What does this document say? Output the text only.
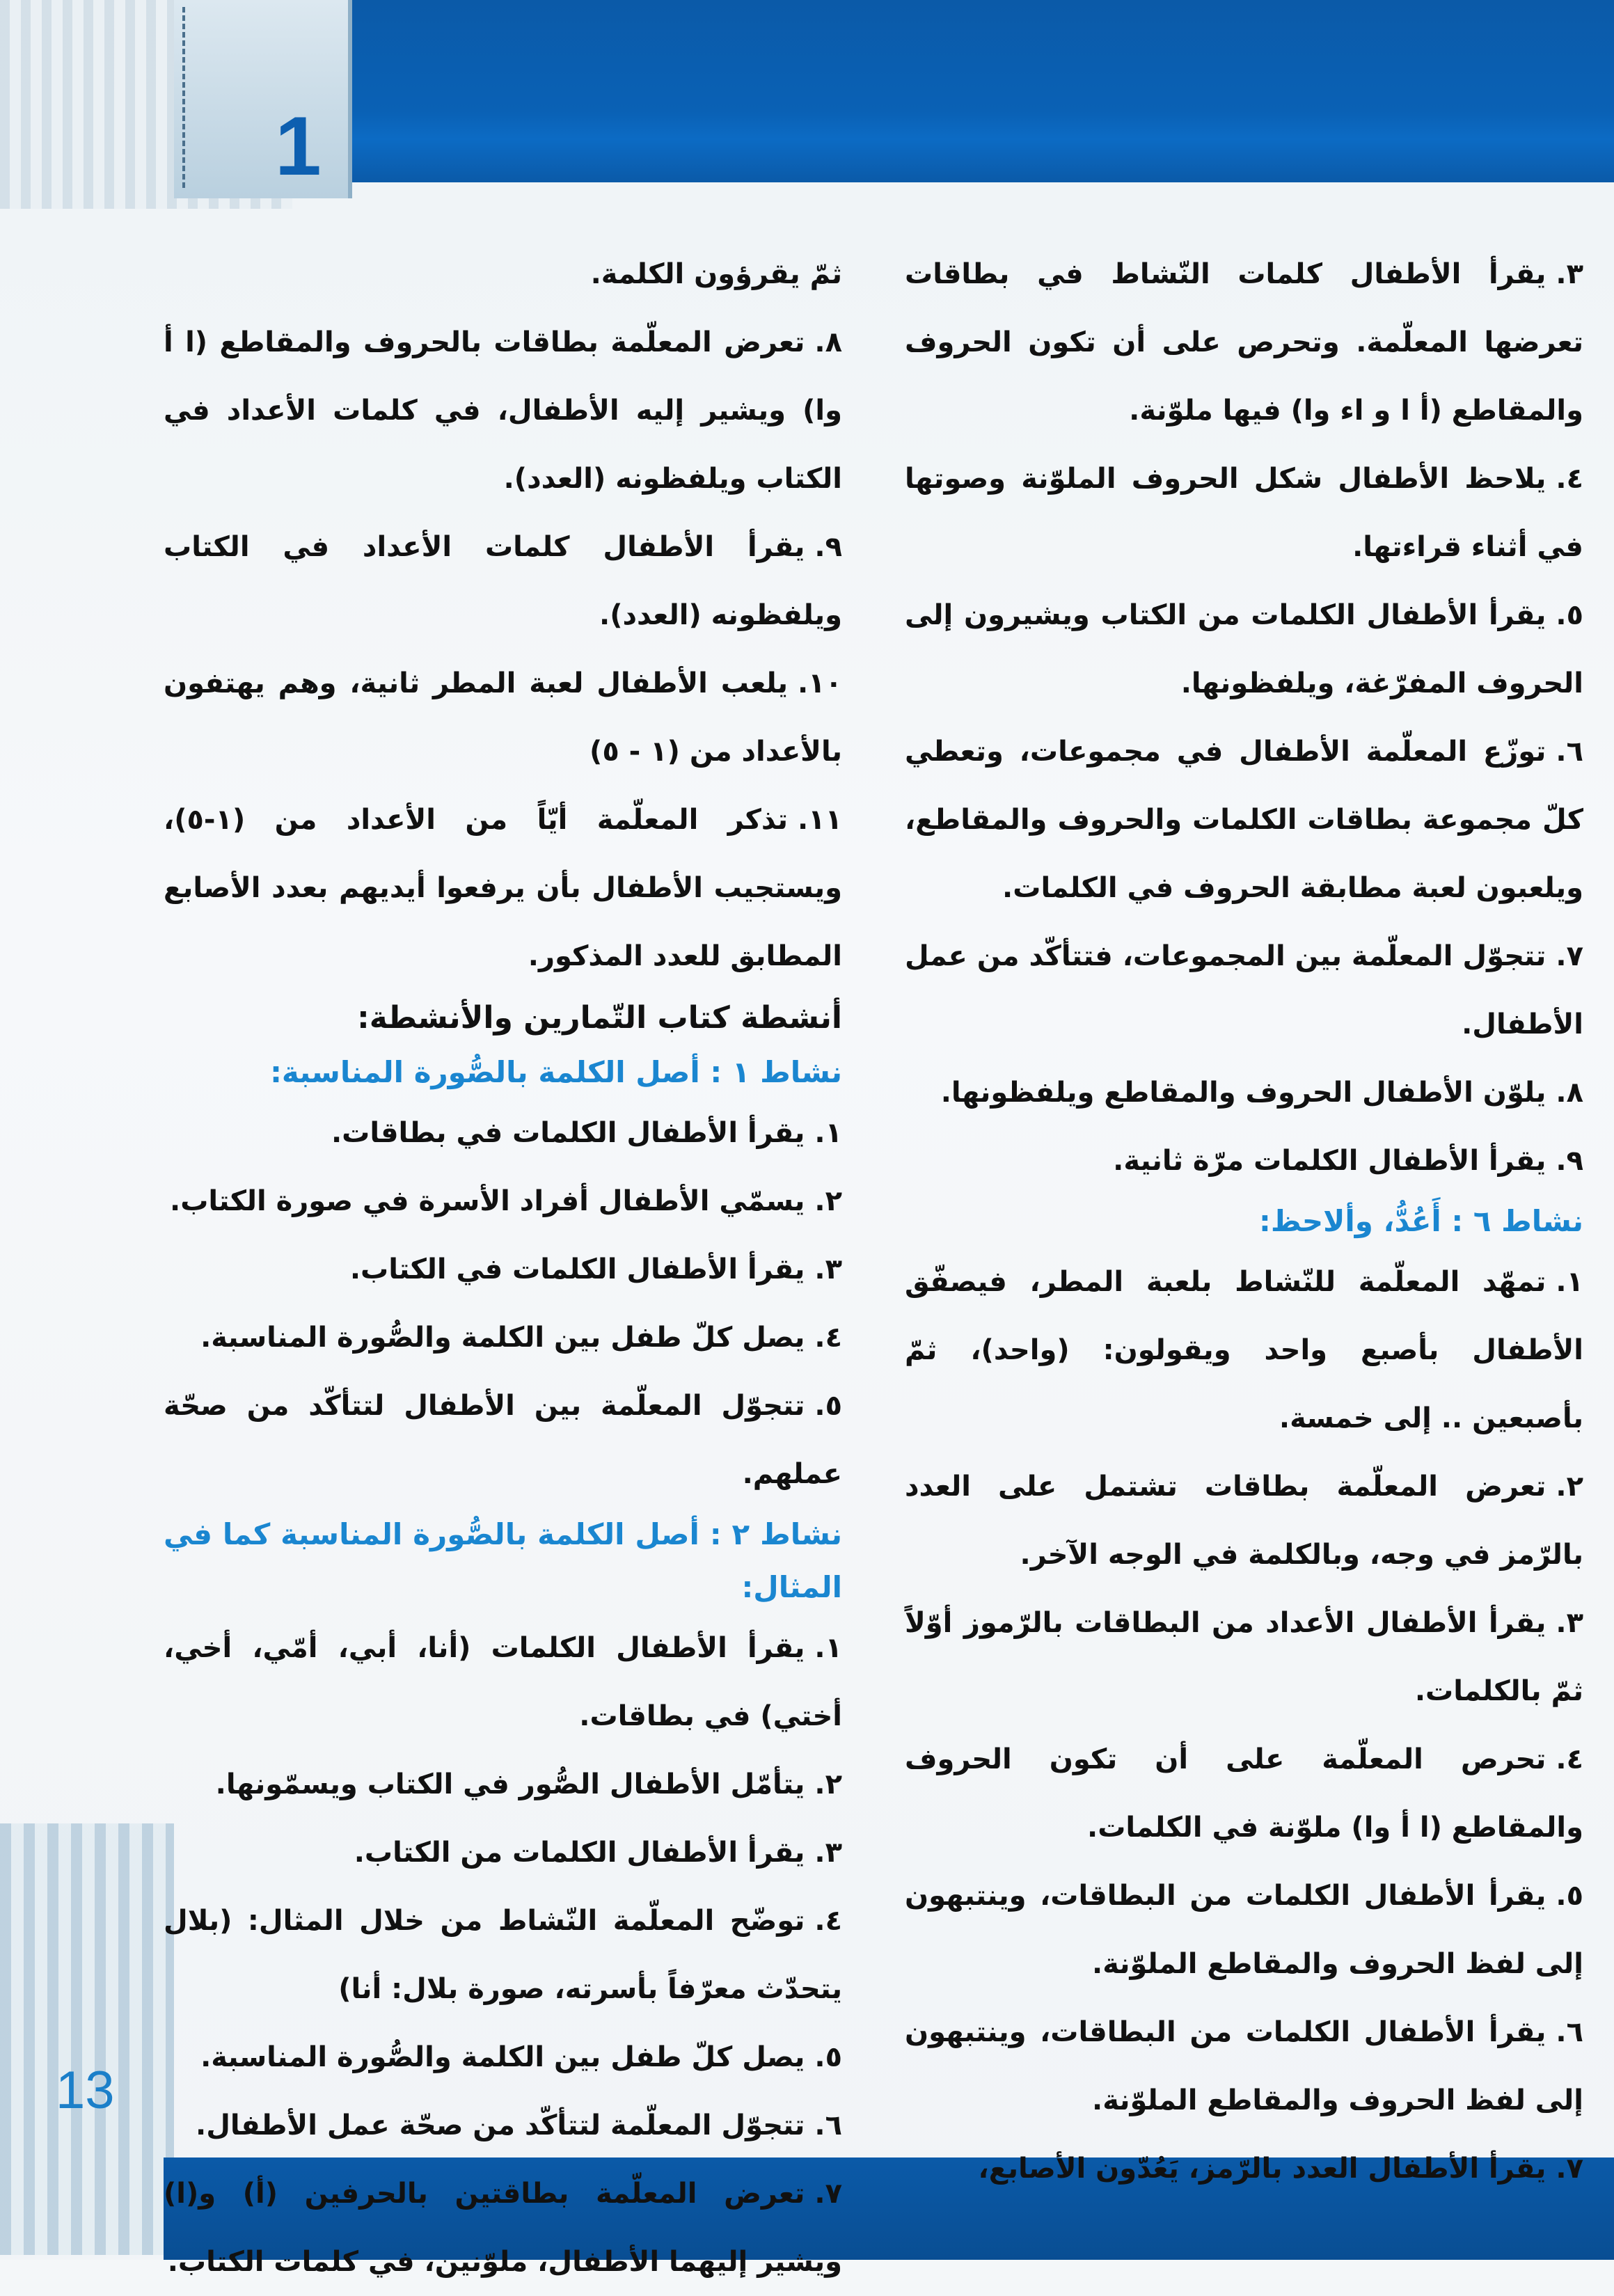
1
13

٣.يقرأ الأطفال كلمات النّشاط في بطاقات تعرضها المعلّمة. وتحرص على أن تكون الحروف والمقاطع (أ ا و اء وا) فيها ملوّنة.

٤.يلاحظ الأطفال شكل الحروف الملوّنة وصوتها في أثناء قراءتها.

٥.يقرأ الأطفال الكلمات من الكتاب ويشيرون إلى الحروف المفرّغة، ويلفظونها.

٦.توزّع المعلّمة الأطفال في مجموعات، وتعطي كلّ مجموعة بطاقات الكلمات والحروف والمقاطع، ويلعبون لعبة مطابقة الحروف في الكلمات.

٧.تتجوّل المعلّمة بين المجموعات، فتتأكّد من عمل الأطفال.

٨.يلوّن الأطفال الحروف والمقاطع ويلفظونها.

٩.يقرأ الأطفال الكلمات مرّة ثانية.

نشاط ٦ : أَعُدُّ، وألاحظ:

١.تمهّد المعلّمة للنّشاط بلعبة المطر، فيصفّق الأطفال بأصبع واحد ويقولون: (واحد)، ثمّ بأصبعين .. إلى خمسة.

٢.تعرض المعلّمة بطاقات تشتمل على العدد بالرّمز في وجه، وبالكلمة في الوجه الآخر.

٣.يقرأ الأطفال الأعداد من البطاقات بالرّموز أوّلاً ثمّ بالكلمات.

٤.تحرص المعلّمة على أن تكون الحروف والمقاطع (ا أ وا) ملوّنة في الكلمات.

٥.يقرأ الأطفال الكلمات من البطاقات، وينتبهون إلى لفظ الحروف والمقاطع الملوّنة.

٦.يقرأ الأطفال الكلمات من البطاقات، وينتبهون إلى لفظ الحروف والمقاطع الملوّنة.

٧.يقرأ الأطفال العدد بالرّمز، يَعُدّون الأصابع،

ثمّ يقرؤون الكلمة.

٨.تعرض المعلّمة بطاقات بالحروف والمقاطع (ا أ وا) ويشير إليه الأطفال، في كلمات الأعداد في الكتاب ويلفظونه (العدد).

٩.يقرأ الأطفال كلمات الأعداد في الكتاب ويلفظونه (العدد).

١٠.يلعب الأطفال لعبة المطر ثانية، وهم يهتفون بالأعداد من (١ - ٥)

١١.تذكر المعلّمة أيّاً من الأعداد من (١-٥)، ويستجيب الأطفال بأن يرفعوا أيديهم بعدد الأصابع المطابق للعدد المذكور.

أنشطة كتاب التّمارين والأنشطة:

نشاط ١ : أصل الكلمة بالصُّورة المناسبة:

١.يقرأ الأطفال الكلمات في بطاقات.

٢.يسمّي الأطفال أفراد الأسرة في صورة الكتاب.

٣.يقرأ الأطفال الكلمات في الكتاب.

٤.يصل كلّ طفل بين الكلمة والصُّورة المناسبة.

٥.تتجوّل المعلّمة بين الأطفال لتتأكّد من صحّة عملهم.

نشاط ٢ : أصل الكلمة بالصُّورة المناسبة كما في المثال:

١.يقرأ الأطفال الكلمات (أنا، أبي، أمّي، أخي، أختي) في بطاقات.

٢.يتأمّل الأطفال الصُّور في الكتاب ويسمّونها.

٣.يقرأ الأطفال الكلمات من الكتاب.

٤.توضّح المعلّمة النّشاط من خلال المثال: (بلال يتحدّث معرّفاً بأسرته، صورة بلال: أنا)

٥.يصل كلّ طفل بين الكلمة والصُّورة المناسبة.

٦.تتجوّل المعلّمة لتتأكّد من صحّة عمل الأطفال.

٧.تعرض المعلّمة بطاقتين بالحرفين (أ) و(ا) ويشير إليهما الأطفال، ملوّنين، في كلمات الكتاب.
